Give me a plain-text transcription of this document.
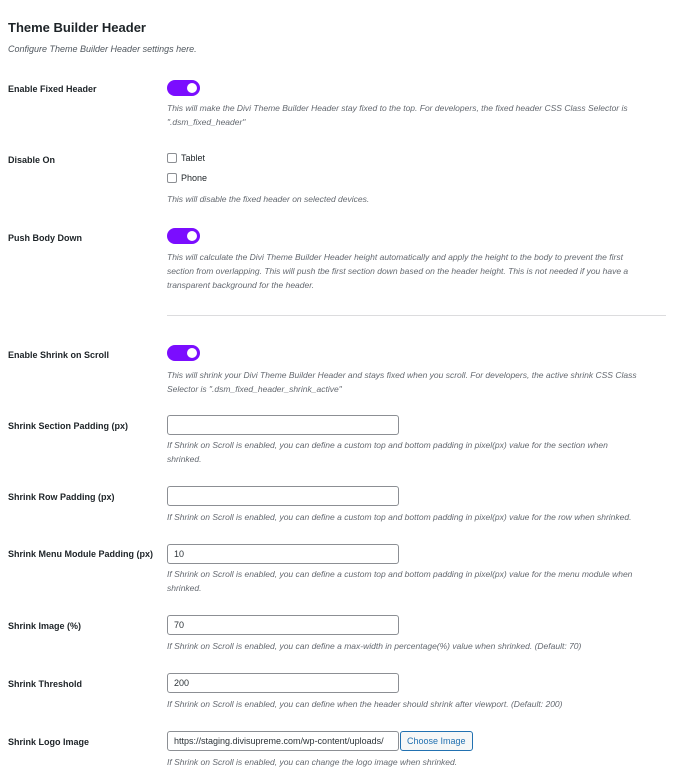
Theme Builder Header
Configure Theme Builder Header settings here.
Enable Fixed Header
This will make the Divi Theme Builder Header stay fixed to the top. For developers, the fixed header CSS Class Selector is
".dsm_fixed_header"
Disable On	Tablet
Phone
This will disable the fixed header on selected devices.
Push Body Down
This will calculate the Divi Theme Builder Header height automatically and apply the height to the body to prevent the first
section from overlapping. This will push tbe first section down based on the header height. This is not needed if you have a
transparent background for the header.
Enable Shrink on Scroll
This will shrink your Divi Theme Builder Header and stays fixed when you scroll. For developers, the active shrink CSS Class
Selector is ".dsm_fixed_header_shrink_active"
Shrink Section Padding (px)
If Shrink on Scroll is enabled, you can define a custom top and bottom padding in pixel(px) value for the section when
shrinked.
Shrink Row Padding (px)
If Shrink on Scroll is enabled, you can define a custom top and bottom padding in pixel(px) value for the row when shrinked.
Shrink Menu Module Padding (px)
10
If Shrink on Scroll is enabled, you can define a custom top and bottom padding in pixel(px) value for the menu module when
shrinked.
Shrink Image (%)
70
If Shrink on Scroll is enabled, you can define a max-width in percentage(%) value when shrinked. (Default: 70)
Shrink Threshold
200
If Shrink on Scroll is enabled, you can define when the header should shrink after viewport. (Default: 200)
Shrink Logo Image
https://staging.divisupreme.com/wp-content/uploads/	Choose Image
If Shrink on Scroll is enabled, you can change the logo image when shrinked.
